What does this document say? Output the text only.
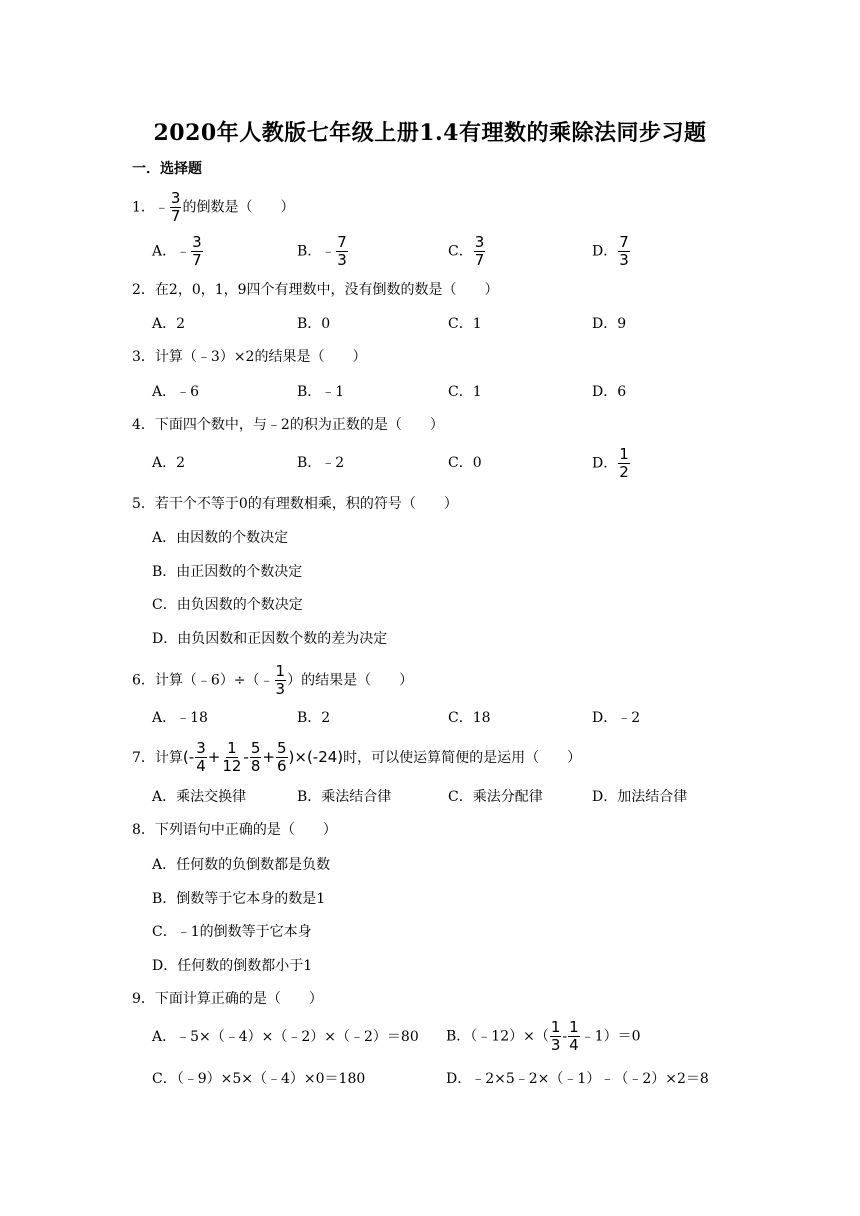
2020年人教版七年级上册1.4有理数的乘除法同步习题
一．选择题
1．﹣ $\frac{3}{7}$ 的倒数是（　　）
A．﹣ $\frac{3}{7}$	B．﹣ $\frac{7}{3}$	C． $\frac{3}{7}$	D． $\frac{7}{3}$
2．在2，0，1，9四个有理数中，没有倒数的数是（　　）
A．2	B．0	C．1	D．9
3．计算（﹣3）×2的结果是（　　）
A．﹣6	B．﹣1	C．1	D．6
4．下面四个数中，与﹣2的积为正数的是（　　）
A．2	B．﹣2	C．0	D． $\frac{1}{2}$
5．若干个不等于0的有理数相乘，积的符号（　　）
A．由因数的个数决定
B．由正因数的个数决定
C．由负因数的个数决定
D．由负因数和正因数个数的差为决定
6．计算（﹣6）÷（﹣ $\frac{1}{3}$ ）的结果是（　　）
A．﹣18	B．2	C．18	D．﹣2
7．计算(- $\frac{3}{4} + \frac{1}{12} - \frac{5}{8} + \frac{5}{6} )\times(-24)$时，可以使运算简便的是运用（　　）
A．乘法交换律	B．乘法结合律	C．乘法分配律	D．加法结合律
8．下列语句中正确的是（　　）
A．任何数的负倒数都是负数
B．倒数等于它本身的数是1
C．﹣1的倒数等于它本身
D．任何数的倒数都小于1
9．下面计算正确的是（　　）
A．﹣5×（﹣4）×（﹣2）×（﹣2）＝80 B．（﹣12）×（ $\frac{1}{3} - \frac{1}{4}$ ﹣1）＝0
C．（﹣9）×5×（﹣4）×0＝180	D．﹣2×5﹣2×（﹣1）﹣（﹣2）×2＝8
